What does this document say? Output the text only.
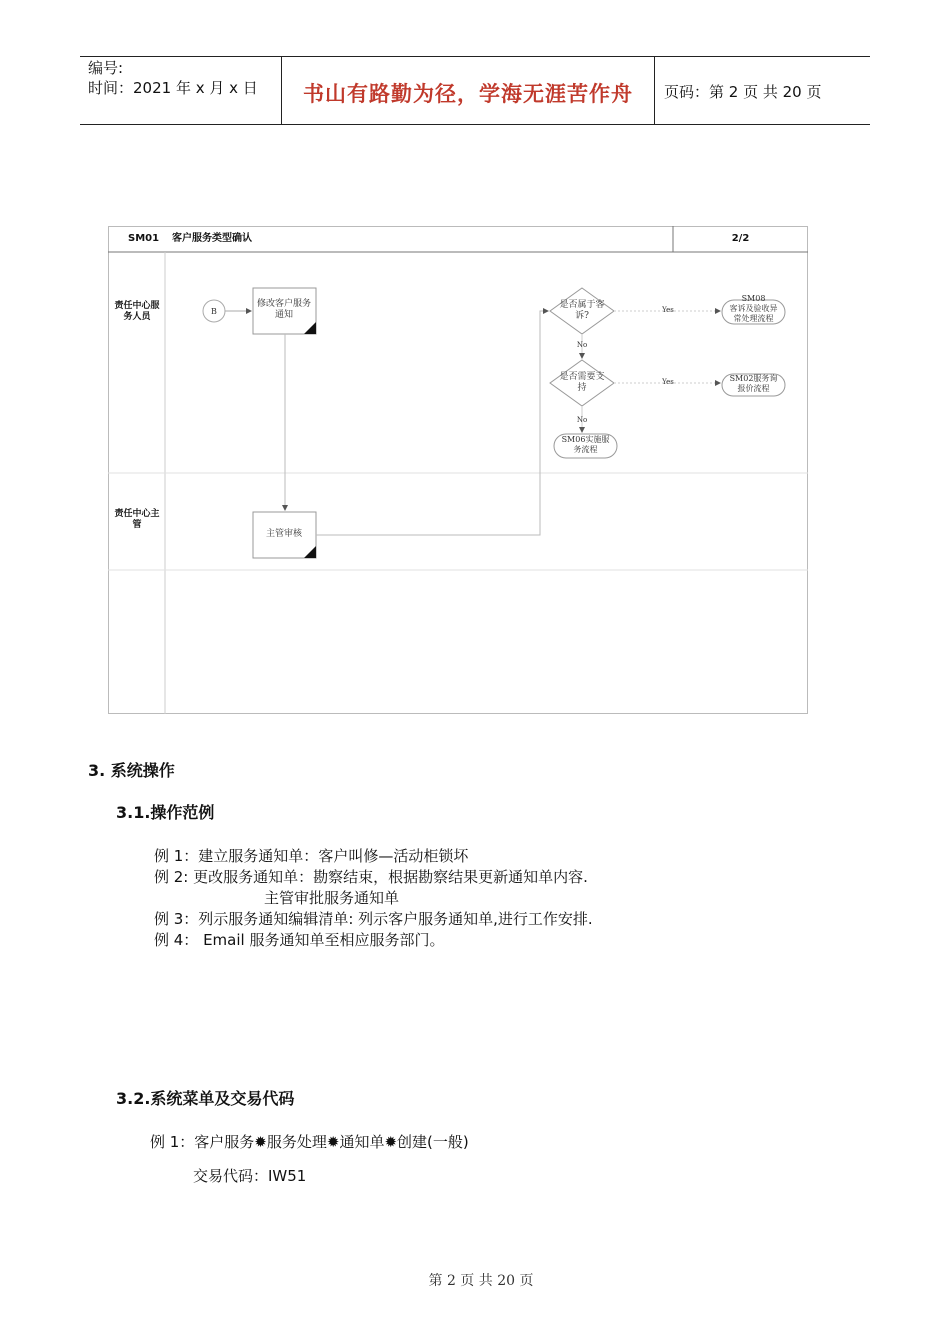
编号:
时间：2021 年 x 月 x 日	书山有路勤为径，学海无涯苦作舟	页码：第 2 页 共 20 页
SM01 客户服务类型确认	2/2
责任中心服务人员
责任中心主管
B
修改客户服务通知
主管审核
是否属于客诉?
是否需要支持
Yes
Yes
No
No
SM08
客诉及验收异常处理流程
SM02服务询报价流程
SM06实施服务流程
3. 系统操作
3.1.操作范例
例 1：建立服务通知单：客户叫修—活动柜锁坏
例 2: 更改服务通知单：勘察结束，根据勘察结果更新通知单内容.
主管审批服务通知单
例 3：列示服务通知编辑清单: 列示客户服务通知单,进行工作安排.
例 4： Email 服务通知单至相应服务部门。
3.2.系统菜单及交易代码
例 1：客户服务✹服务处理✹通知单✹创建(一般)
交易代码：IW51
第 2 页 共 20 页
